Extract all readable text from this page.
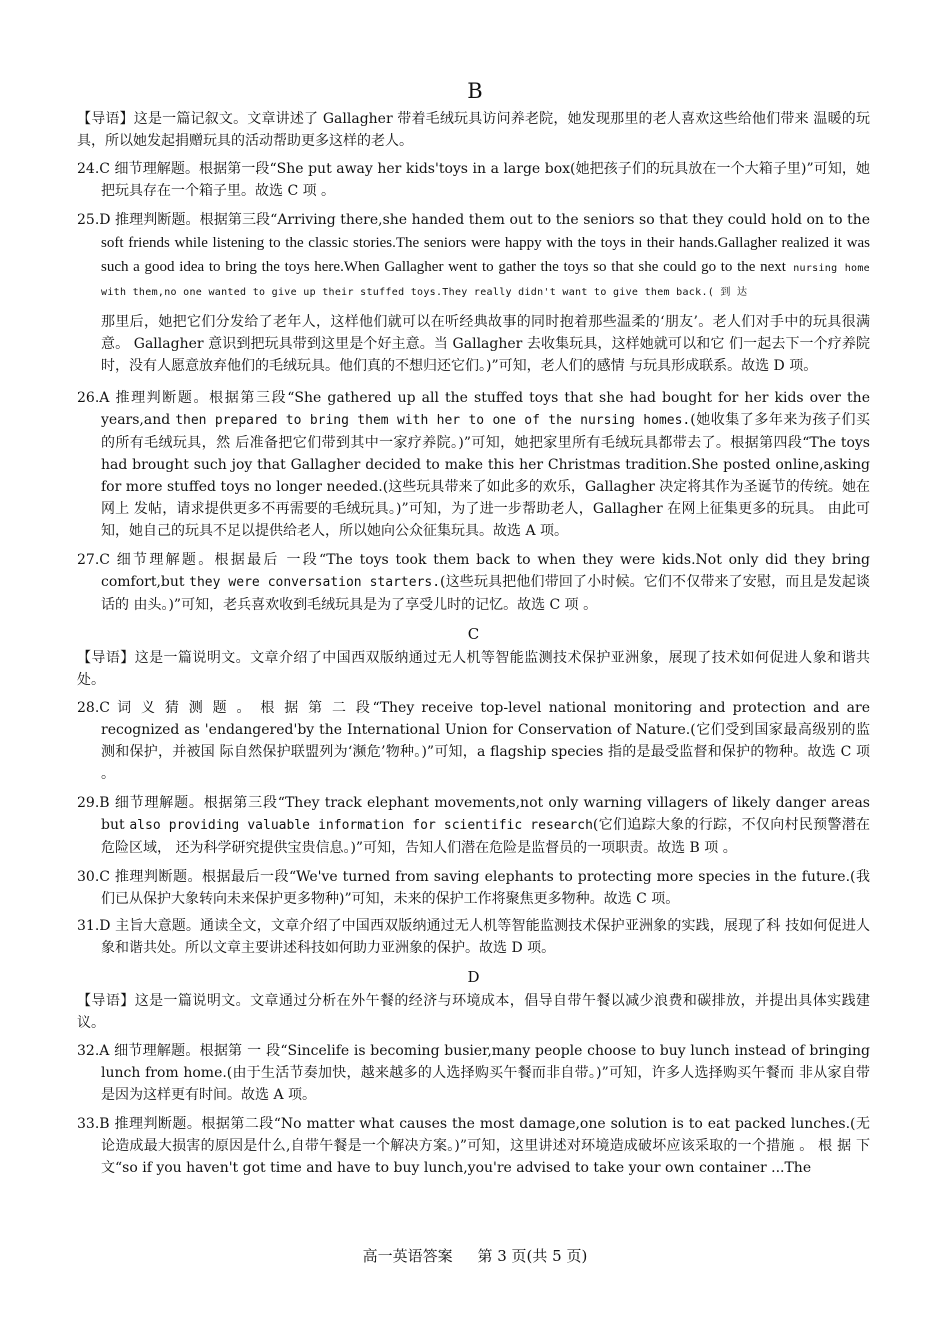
B

【导语】这是一篇记叙文。文章讲述了 Gallagher 带着毛绒玩具访问养老院，她发现那里的老人喜欢这些给他们带来 温暖的玩具，所以她发起捐赠玩具的活动帮助更多这样的老人。

24.C 细节理解题。根据第一段“She put away her kids'toys in a large box(她把孩子们的玩具放在一个大箱子里)”可知，她把玩具存在一个箱子里。故选 C 项 。

25.D 推理判断题。根据第三段“Arriving there,she handed them out to the seniors so that they could hold on to the soft friends while listening to the classic stories.The seniors were happy with the toys in their hands.Gallagher realized it was such a good idea to bring the toys here.When Gallagher went to gather the toys so that she could go to the next nursing home with them,no one wanted to give up their stuffed toys.They really didn't want to give them back.( 到 达

那里后，她把它们分发给了老年人，这样他们就可以在听经典故事的同时抱着那些温柔的‘朋友’。老人们对手中的玩具很满意。 Gallagher 意识到把玩具带到这里是个好主意。当 Gallagher 去收集玩具，这样她就可以和它 们一起去下一个疗养院时，没有人愿意放弃他们的毛绒玩具。他们真的不想归还它们。)”可知，老人们的感情 与玩具形成联系。故选 D 项。

26.A 推理判断题。根据第三段“She gathered up all the stuffed toys that she had bought for her kids over the years,and then prepared to bring them with her to one of the nursing homes.(她收集了多年来为孩子们买的所有毛绒玩具，然 后准备把它们带到其中一家疗养院。)”可知，她把家里所有毛绒玩具都带去了。根据第四段“The toys had brought such joy that Gallagher decided to make this her Christmas tradition.She posted online,asking for more stuffed toys no longer needed.(这些玩具带来了如此多的欢乐，Gallagher 决定将其作为圣诞节的传统。她在网上 发帖，请求提供更多不再需要的毛绒玩具。)”可知，为了进一步帮助老人，Gallagher 在网上征集更多的玩具。 由此可知，她自己的玩具不足以提供给老人，所以她向公众征集玩具。故选 A 项。
27.C 细节理解题。根据最后 一段“The toys took them back to when they were kids.Not only did they bring comfort,but they were conversation starters.(这些玩具把他们带回了小时候。它们不仅带来了安慰，而且是发起谈话的 由头。)”可知，老兵喜欢收到毛绒玩具是为了享受儿时的记忆。故选 C 项 。
C

【导语】这是一篇说明文。文章介绍了中国西双版纳通过无人机等智能监测技术保护亚洲象，展现了技术如何促进人象和谐共处。

28.C 词 义 猜 测 题 。 根 据 第 二 段“They receive top-level national monitoring and protection and are recognized as 'endangered'by the International Union for Conservation of Nature.(它们受到国家最高级别的监测和保护，并被国 际自然保护联盟列为‘濒危’物种。)”可知，a flagship species 指的是最受监督和保护的物种。故选 C 项 。

29.B 细节理解题。根据第三段“They track elephant movements,not only warning villagers of likely danger areas but also providing valuable information for scientific research(它们追踪大象的行踪，不仅向村民预警潜在危险区域， 还为科学研究提供宝贵信息。)”可知，告知人们潜在危险是监督员的一项职责。故选 B 项 。

30.C 推理判断题。根据最后一段“We've turned from saving elephants to protecting more species in the future.(我们已从保护大象转向未来保护更多物种)”可知，未来的保护工作将聚焦更多物种。故选 C 项。

31.D 主旨大意题。通读全文，文章介绍了中国西双版纳通过无人机等智能监测技术保护亚洲象的实践，展现了科 技如何促进人象和谐共处。所以文章主要讲述科技如何助力亚洲象的保护。故选 D 项。

D

【导语】这是一篇说明文。文章通过分析在外午餐的经济与环境成本，倡导自带午餐以减少浪费和碳排放，并提出具体实践建议。

32.A 细节理解题。根据第 一 段“Sincelife is becoming busier,many people choose to buy lunch instead of bringing lunch from home.(由于生活节奏加快，越来越多的人选择购买午餐而非自带。)”可知，许多人选择购买午餐而 非从家自带是因为这样更有时间。故选 A 项。

33.B 推理判断题。根据第二段“No matter what causes the most damage,one solution is to eat packed lunches.(无论造成最大损害的原因是什么,自带午餐是一个解决方案。)”可知，这里讲述对环境造成破坏应该采取的一个措施 。 根 据 下 文“so if you haven't got time and have to buy lunch,you're advised to take your own container ...The

高一英语答案 第 3 页(共 5 页)
